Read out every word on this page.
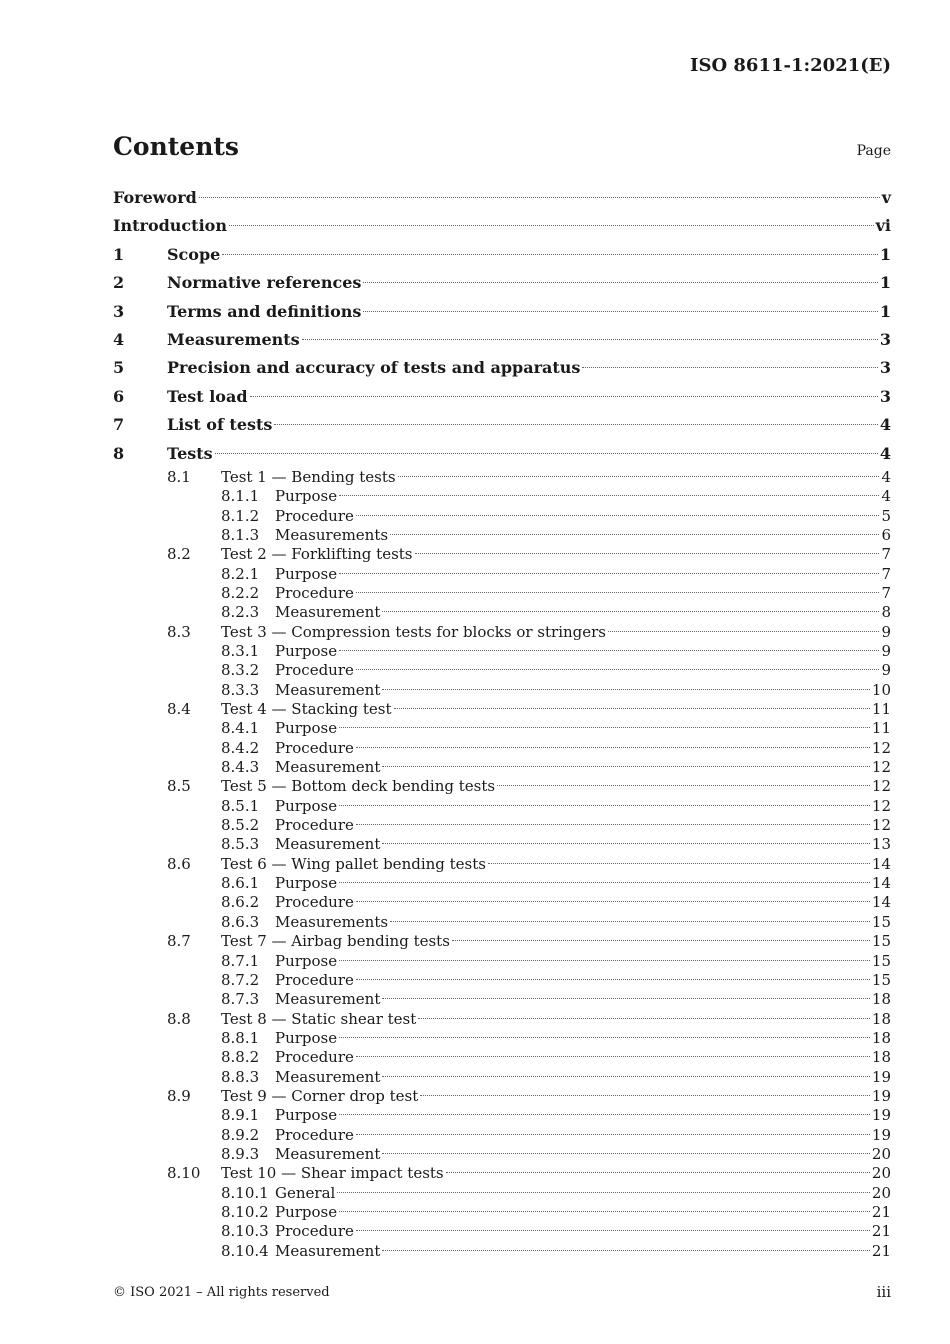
ISO 8611-1:2021(E)
Contents	Page
Foreword	v
Introduction	vi
1	Scope	1
2	Normative references	1
3	Terms and definitions	1
4	Measurements	3
5	Precision and accuracy of tests and apparatus	3
6	Test load	3
7	List of tests	4
8	Tests	4
8.1	Test 1 — Bending tests	4
8.1.1	Purpose	4
8.1.2	Procedure	5
8.1.3	Measurements	6
8.2	Test 2 — Forklifting tests	7
8.2.1	Purpose	7
8.2.2	Procedure	7
8.2.3	Measurement	8
8.3	Test 3 — Compression tests for blocks or stringers	9
8.3.1	Purpose	9
8.3.2	Procedure	9
8.3.3	Measurement	10
8.4	Test 4 — Stacking test	11
8.4.1	Purpose	11
8.4.2	Procedure	12
8.4.3	Measurement	12
8.5	Test 5 — Bottom deck bending tests	12
8.5.1	Purpose	12
8.5.2	Procedure	12
8.5.3	Measurement	13
8.6	Test 6 — Wing pallet bending tests	14
8.6.1	Purpose	14
8.6.2	Procedure	14
8.6.3	Measurements	15
8.7	Test 7 — Airbag bending tests	15
8.7.1	Purpose	15
8.7.2	Procedure	15
8.7.3	Measurement	18
8.8	Test 8 — Static shear test	18
8.8.1	Purpose	18
8.8.2	Procedure	18
8.8.3	Measurement	19
8.9	Test 9 — Corner drop test	19
8.9.1	Purpose	19
8.9.2	Procedure	19
8.9.3	Measurement	20
8.10	Test 10 — Shear impact tests	20
8.10.1 General	20
8.10.2 Purpose	21
8.10.3 Procedure	21
8.10.4 Measurement	21
© ISO 2021 – All rights reserved	iii
